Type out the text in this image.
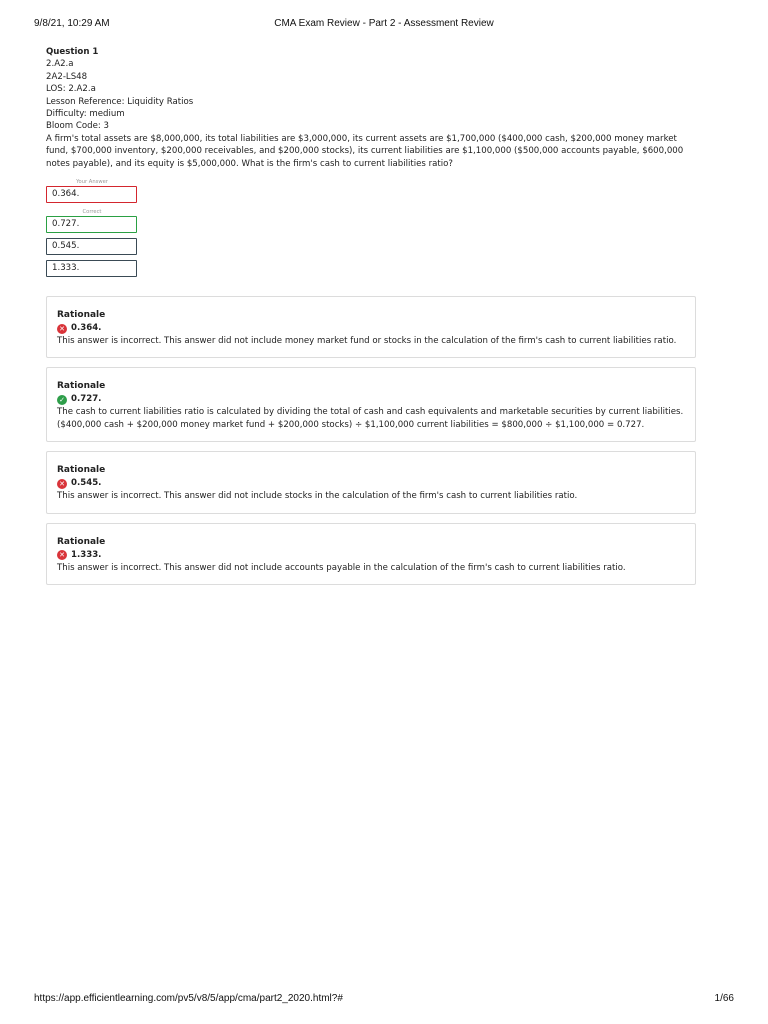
9/8/21, 10:29 AM	CMA Exam Review - Part 2 - Assessment Review
Question 1
2.A2.a
2A2-LS48
LOS: 2.A2.a
Lesson Reference: Liquidity Ratios
Difficulty: medium
Bloom Code: 3
A firm's total assets are $8,000,000, its total liabilities are $3,000,000, its current assets are $1,700,000 ($400,000 cash, $200,000 money market fund, $700,000 inventory, $200,000 receivables, and $200,000 stocks), its current liabilities are $1,100,000 ($500,000 accounts payable, $600,000 notes payable), and its equity is $5,000,000. What is the firm's cash to current liabilities ratio?
Your Answer
0.364.
Correct
0.727.
0.545.
1.333.
Rationale
✕ 0.364.
This answer is incorrect. This answer did not include money market fund or stocks in the calculation of the firm's cash to current liabilities ratio.
Rationale
✓ 0.727.
The cash to current liabilities ratio is calculated by dividing the total of cash and cash equivalents and marketable securities by current liabilities. ($400,000 cash + $200,000 money market fund + $200,000 stocks) ÷ $1,100,000 current liabilities = $800,000 ÷ $1,100,000 = 0.727.
Rationale
✕ 0.545.
This answer is incorrect. This answer did not include stocks in the calculation of the firm's cash to current liabilities ratio.
Rationale
✕ 1.333.
This answer is incorrect. This answer did not include accounts payable in the calculation of the firm's cash to current liabilities ratio.
https://app.efficientlearning.com/pv5/v8/5/app/cma/part2_2020.html?#	1/66
